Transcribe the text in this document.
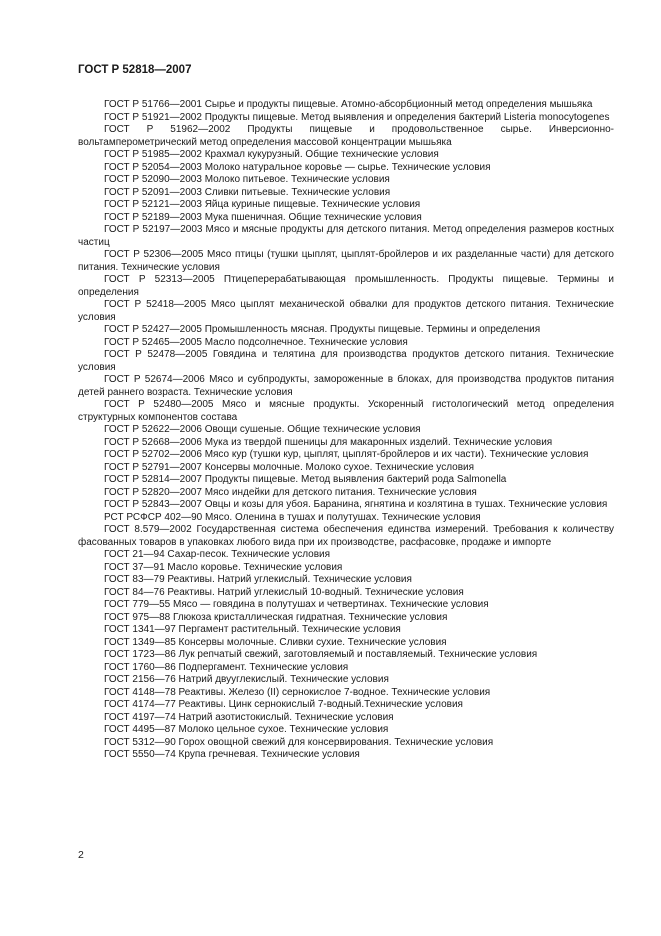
ГОСТ Р 52818—2007
ГОСТ Р 51766—2001 Сырье и продукты пищевые. Атомно-абсорбционный метод определения мышьяка
ГОСТ Р 51921—2002 Продукты пищевые. Метод выявления и определения бактерий Listeria monocytogenes
ГОСТ Р 51962—2002 Продукты пищевые и продовольственное сырье. Инверсионно-вольтамперометрический метод определения массовой концентрации мышьяка
ГОСТ Р 51985—2002 Крахмал кукурузный. Общие технические условия
ГОСТ Р 52054—2003 Молоко натуральное коровье — сырье. Технические условия
ГОСТ Р 52090—2003 Молоко питьевое. Технические условия
ГОСТ Р 52091—2003 Сливки питьевые. Технические условия
ГОСТ Р 52121—2003 Яйца куриные пищевые. Технические условия
ГОСТ Р 52189—2003 Мука пшеничная. Общие технические условия
ГОСТ Р 52197—2003 Мясо и мясные продукты для детского питания. Метод определения размеров костных частиц
ГОСТ Р 52306—2005 Мясо птицы (тушки цыплят, цыплят-бройлеров и их разделанные части) для детского питания. Технические условия
ГОСТ Р 52313—2005 Птицеперерабатывающая промышленность. Продукты пищевые. Термины и определения
ГОСТ Р 52418—2005 Мясо цыплят механической обвалки для продуктов детского питания. Технические условия
ГОСТ Р 52427—2005 Промышленность мясная. Продукты пищевые. Термины и определения
ГОСТ Р 52465—2005 Масло подсолнечное. Технические условия
ГОСТ Р 52478—2005 Говядина и телятина для производства продуктов детского питания. Технические условия
ГОСТ Р 52674—2006 Мясо и субпродукты, замороженные в блоках, для производства продуктов питания детей раннего возраста. Технические условия
ГОСТ Р 52480—2005 Мясо и мясные продукты. Ускоренный гистологический метод определения структурных компонентов состава
ГОСТ Р 52622—2006 Овощи сушеные. Общие технические условия
ГОСТ Р 52668—2006 Мука из твердой пшеницы для макаронных изделий. Технические условия
ГОСТ Р 52702—2006 Мясо кур (тушки кур, цыплят, цыплят-бройлеров и их части). Технические условия
ГОСТ Р 52791—2007 Консервы молочные. Молоко сухое. Технические условия
ГОСТ Р 52814—2007 Продукты пищевые. Метод выявления бактерий рода Salmonella
ГОСТ Р 52820—2007 Мясо индейки для детского питания. Технические условия
ГОСТ Р 52843—2007 Овцы и козы для убоя. Баранина, ягнятина и козлятина в тушах. Технические условия
РСТ РСФСР 402—90 Мясо. Оленина в тушах и полутушах. Технические условия
ГОСТ 8.579—2002 Государственная система обеспечения единства измерений. Требования к количеству фасованных товаров в упаковках любого вида при их производстве, расфасовке, продаже и импорте
ГОСТ 21—94 Сахар-песок. Технические условия
ГОСТ 37—91 Масло коровье. Технические условия
ГОСТ 83—79 Реактивы. Натрий углекислый. Технические условия
ГОСТ 84—76 Реактивы. Натрий углекислый 10-водный. Технические условия
ГОСТ 779—55 Мясо — говядина в полутушах и четвертинах. Технические условия
ГОСТ 975—88 Глюкоза кристаллическая гидратная. Технические условия
ГОСТ 1341—97 Пергамент растительный. Технические условия
ГОСТ 1349—85 Консервы молочные. Сливки сухие. Технические условия
ГОСТ 1723—86 Лук репчатый свежий, заготовляемый и поставляемый. Технические условия
ГОСТ 1760—86 Подпергамент. Технические условия
ГОСТ 2156—76 Натрий двууглекислый. Технические условия
ГОСТ 4148—78 Реактивы. Железо (II) сернокислое 7-водное. Технические условия
ГОСТ 4174—77 Реактивы. Цинк сернокислый 7-водный.Технические условия
ГОСТ 4197—74 Натрий азотистокислый. Технические условия
ГОСТ 4495—87 Молоко цельное сухое. Технические условия
ГОСТ 5312—90 Горох овощной свежий для консервирования. Технические условия
ГОСТ 5550—74 Крупа гречневая. Технические условия
2
